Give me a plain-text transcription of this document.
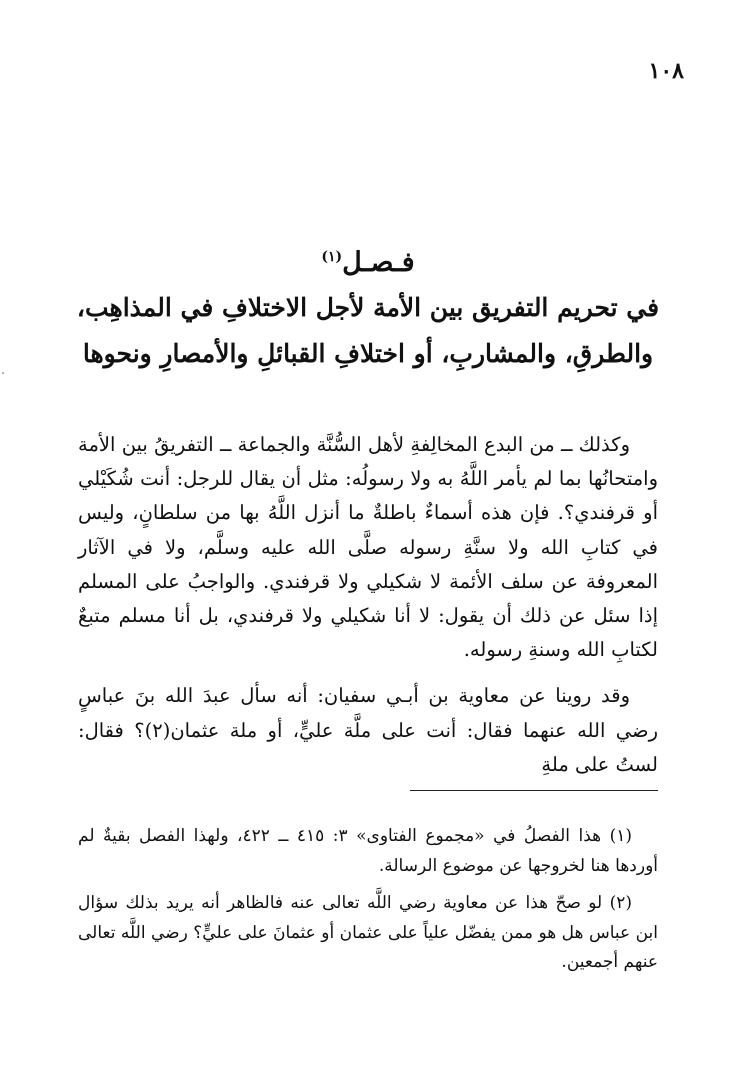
١٠٨

فـصـل$^{(١)}$

في تحريم التفريق بين الأمة لأجل الاختلافِ في المذاهِب،

والطرقِ، والمشاربِ، أو اختلافِ القبائلِ والأمصارِ ونحوها

وكذلك ــ من البدع المخالِفةِ لأهل السُّنَّة والجماعة ــ التفريقُ بين الأمة وامتحانُها بما لم يأمر اللَّهُ به ولا رسولُه: مثل أن يقال للرجل: أنت شُكَيْلي أو قرفندي؟. فإن هذه أسماءٌ باطلةٌ ما أنزل اللَّهُ بها من سلطانٍ، وليس في كتابِ الله ولا سنَّةِ رسوله صلَّى الله عليه وسلَّم، ولا في الآثار المعروفة عن سلف الأئمة لا شكيلي ولا قرفندي. والواجبُ على المسلم إذا سئل عن ذلك أن يقول: لا أنا شكيلي ولا قرفندي، بل أنا مسلم متبعٌ لكتابِ الله وسنةِ رسوله.

وقد روينا عن معاوية بن أبـي سفيان: أنه سأل عبدَ الله بنَ عباسٍ رضي الله عنهما فقال: أنت على ملَّة عليٍّ، أو ملة عثمان(٢)؟ فقال: لستُ على ملةِ

(١) هذا الفصلُ في «مجموع الفتاوى» ٣: ٤١٥ ــ ٤٢٢، ولهذا الفصل بقيةٌ لم أوردها هنا لخروجها عن موضوع الرسالة.

(٢) لو صحّ هذا عن معاوية رضي اللَّه تعالى عنه فالظاهر أنه يريد بذلك سؤال ابن عباس هل هو ممن يفضّل علياً على عثمان أو عثمانَ على عليٍّ؟ رضي اللَّه تعالى عنهم أجمعين.
